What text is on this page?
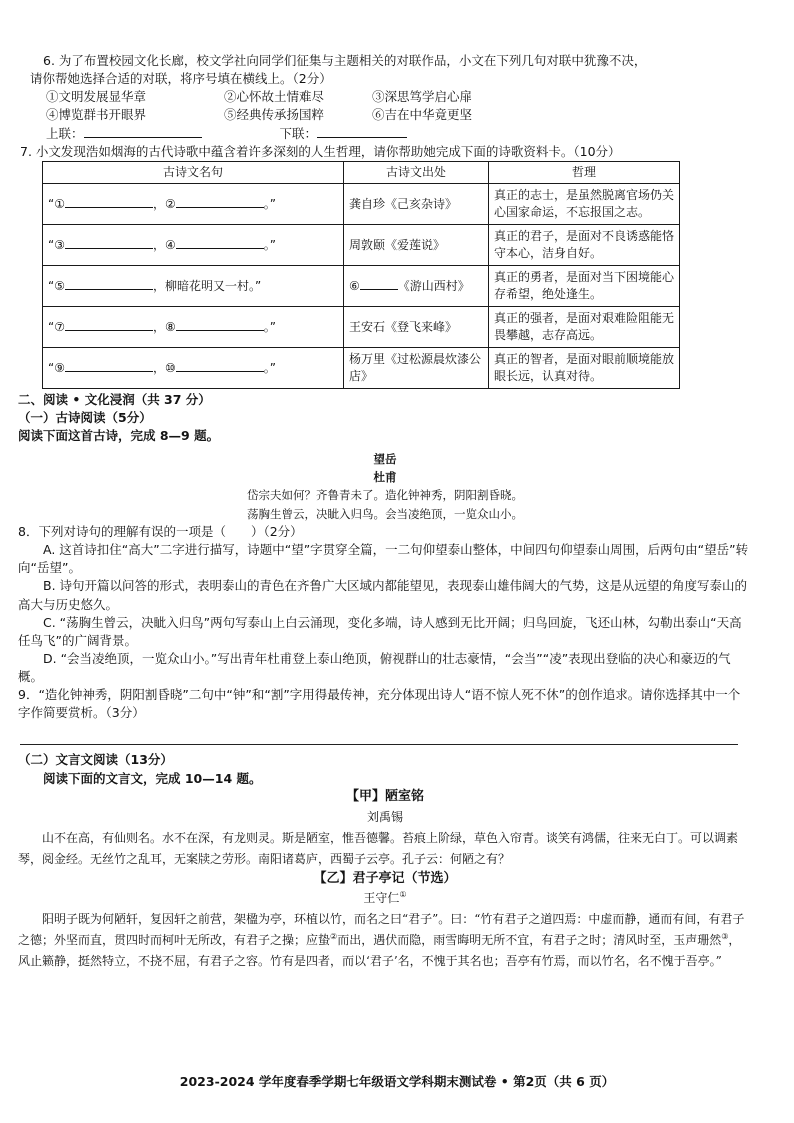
6. 为了布置校园文化长廊，校文学社向同学们征集与主题相关的对联作品，小文在下列几句对联中犹豫不决，

请你帮她选择合适的对联，将序号填在横线上。（2分）

①文明发展显华章	②心怀故土情难尽	③深思笃学启心扉
④博览群书开眼界	⑤经典传承扬国粹	⑥吉在中华竟更坚
上联：	下联：

7. 小文发现浩如烟海的古代诗歌中蕴含着许多深刻的人生哲理，请你帮助她完成下面的诗歌资料卡。（10分）

古诗文名句	古诗文出处	哲理
“① ，② 。”	龚自珍《己亥杂诗》	真正的志士，是虽然脱离官场仍关心国家命运，不忘报国之志。
“③ ，④ 。”	周敦颐《爱莲说》	真正的君子，是面对不良诱惑能恪守本心，洁身自好。
“⑤ ，柳暗花明又一村。”	⑥ 《游山西村》	真正的勇者，是面对当下困境能心存希望，绝处逢生。
“⑦ ，⑧ 。”	王安石《登飞来峰》	真正的强者，是面对艰难险阻能无畏攀越，志存高远。
“⑨ ，⑩ 。”	杨万里《过松源晨炊漆公店》	真正的智者，是面对眼前顺境能放眼长远，认真对待。

二、阅读 • 文化浸润（共 37 分）

（一）古诗阅读（5分）

阅读下面这首古诗，完成 8—9 题。

望岳
杜甫
岱宗夫如何？齐鲁青未了。造化钟神秀，阴阳割昏晓。
荡胸生曾云，决眦入归鸟。会当凌绝顶，一览众山小。

8．下列对诗句的理解有误的一项是（　　）（2分）

A. 这首诗扣住“高大”二字进行描写，诗题中“望”字贯穿全篇，一二句仰望泰山整体，中间四句仰望泰山周围，后两句由“望岳”转向“岳望”。

B. 诗句开篇以问答的形式，表明泰山的青色在齐鲁广大区域内都能望见，表现泰山雄伟阔大的气势，这是从远望的角度写泰山的高大与历史悠久。

C. “荡胸生曾云，决眦入归鸟”两句写泰山上白云涌现，变化多端，诗人感到无比开阔；归鸟回旋，飞还山林，勾勒出泰山“天高任鸟飞”的广阔背景。

D. “会当凌绝顶，一览众山小。”写出青年杜甫登上泰山绝顶，俯视群山的壮志豪情，“会当”“凌”表现出登临的决心和豪迈的气概。

9．“造化钟神秀，阴阳割昏晓”二句中“钟”和“割”字用得最传神，充分体现出诗人“语不惊人死不休”的创作追求。请你选择其中一个字作简要赏析。（3分）

（二）文言文阅读（13分）

阅读下面的文言文，完成 10—14 题。

【甲】陋室铭
刘禹锡

山不在高，有仙则名。水不在深，有龙则灵。斯是陋室，惟吾德馨。苔痕上阶绿，草色入帘青。谈笑有鸿儒，往来无白丁。可以调素琴，阅金经。无丝竹之乱耳，无案牍之劳形。南阳诸葛庐，西蜀子云亭。孔子云：何陋之有？

【乙】君子亭记（节选）
王守仁①

阳明子既为何陋轩，复因轩之前营，架楹为亭，环植以竹，而名之曰“君子”。曰：“竹有君子之道四焉：中虚而静，通而有间，有君子之德；外坚而直，贯四时而柯叶无所改，有君子之操；应蛰②而出，遇伏而隐，雨雪晦明无所不宜，有君子之时；清风时至，玉声珊然③，风止籁静，挺然特立，不挠不屈，有君子之容。竹有是四者，而以‘君子’名，不愧于其名也；吾亭有竹焉，而以竹名，名不愧于吾亭。”

2023-2024 学年度春季学期七年级语文学科期末测试卷 • 第2页（共 6 页）
